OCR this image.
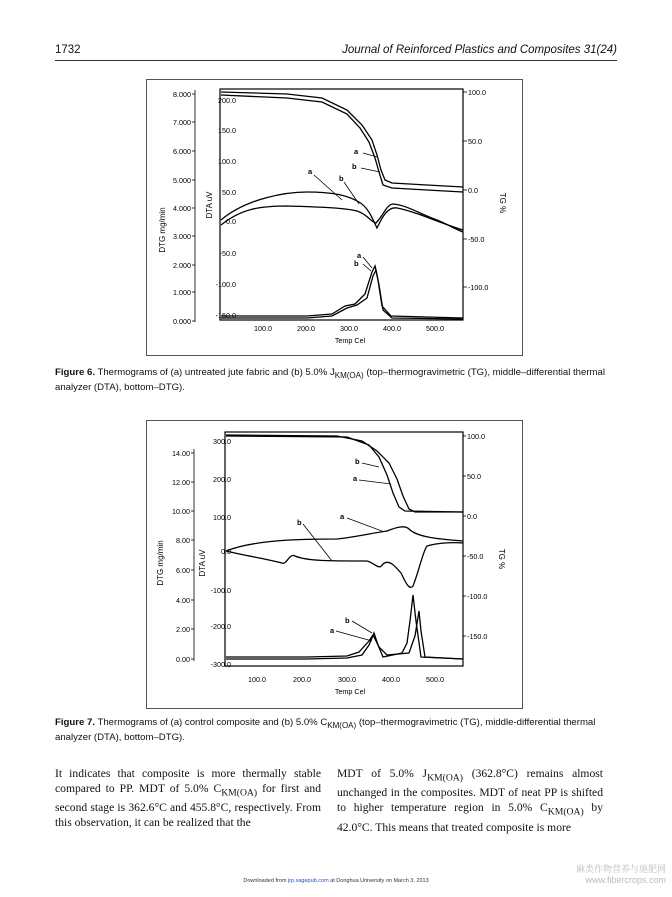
1732	Journal of Reinforced Plastics and Composites 31(24)
8.000
7.000
6.000
5.000
4.000
3.000
2.000
1.000
0.000
200.0
150.0
100.0
50.0
0.0
-50.0
-100.0
-150.0
100.0
50.0
0.0
-50.0
-100.0
100.0	200.0	300.0	400.0	500.0
Temp Cel
DTG mg/min
DTA uV	TG %
a
b
a
b
a
b
Figure 6. Thermograms of (a) untreated jute fabric and (b) 5.0% $J_{KM(OA)}$ (top–thermogravimetric (TG), middle–differential thermal analyzer (DTA), bottom–DTG).
14.00
12.00
10.00
8.00
6.00
4.00
2.00
0.00
300.0
200.0
100.0
0.0
-100.0
-200.0
-300.0
100.0
50.0
0.0
-50.0
-100.0
-150.0
100.0	200.0	300.0	400.0	500.0
Temp Cel
DTG mg/min	DTA uV	TG %
b
a
a
b
b
a
Figure 7. Thermograms of (a) control composite and (b) 5.0% $C_{KM(OA)}$ (top–thermogravimetric (TG), middle-differential thermal analyzer (DTA), bottom–DTG).

It indicates that composite is more thermally stable compared to PP. MDT of 5.0% $C_{KM(OA)}$ for first and second stage is 362.6°C and 455.8°C, respectively. From this observation, it can be realized that the

MDT of 5.0% $J_{KM(OA)}$ (362.8°C) remains almost unchanged in the composites. MDT of neat PP is shifted to higher temperature region in 5.0% $C_{KM(OA)}$ by 42.0°C. This means that treated composite is more

Downloaded from jrp.sagepub.com at Donghua University on March 3, 2013
麻类作物营养与施肥网
www.fibercrops.com
